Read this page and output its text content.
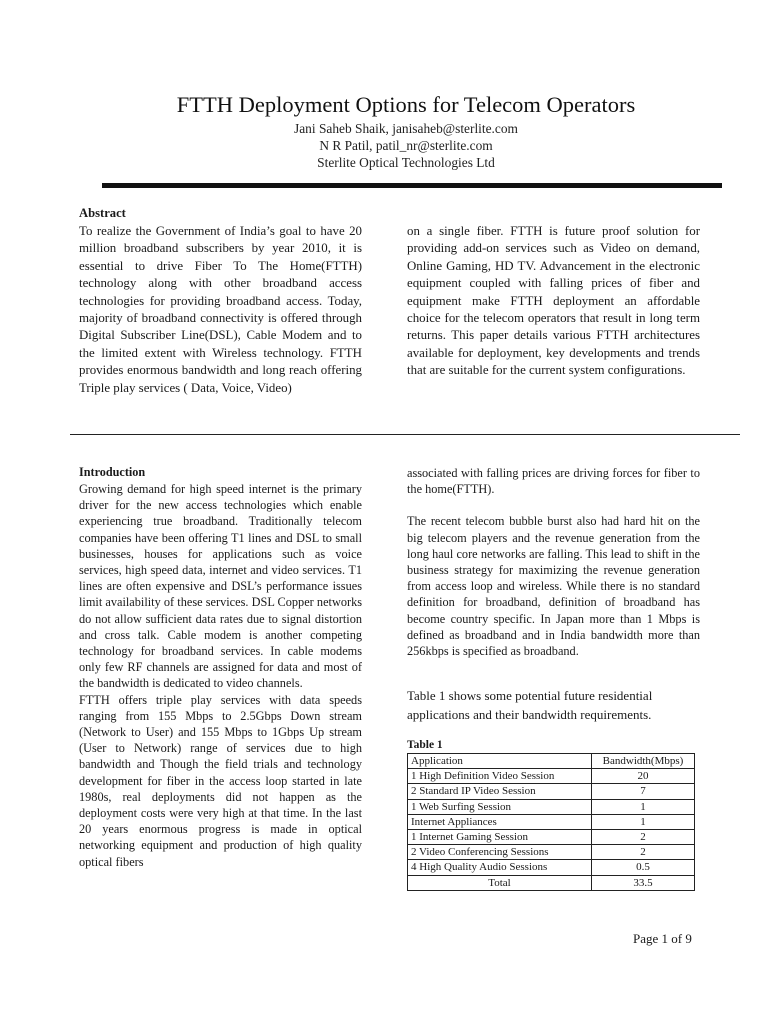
FTTH Deployment Options for Telecom Operators
Jani Saheb Shaik, janisaheb@sterlite.com
N R Patil, patil_nr@sterlite.com
Sterlite Optical Technologies Ltd
Abstract

To realize the Government of India’s goal to have 20 million broadband subscribers by year 2010, it is essential to drive Fiber To The Home(FTTH) technology along with other broadband access technologies for providing broadband access. Today, majority of broadband connectivity is offered through Digital Subscriber Line(DSL), Cable Modem and to the limited extent with Wireless technology. FTTH provides enormous bandwidth and long reach offering Triple play services ( Data, Voice, Video)

on a single fiber. FTTH is future proof solution for providing add-on services such as Video on demand, Online Gaming, HD TV. Advancement in the electronic equipment coupled with falling prices of fiber and equipment make FTTH deployment an affordable choice for the telecom operators that result in long term returns. This paper details various FTTH architectures available for deployment, key developments and trends that are suitable for the current system configurations.

Introduction

Growing demand for high speed internet is the primary driver for the new access technologies which enable experiencing true broadband. Traditionally telecom companies have been offering T1 lines and DSL to small businesses, houses for applications such as voice services, high speed data, internet and video services. T1 lines are often expensive and DSL’s performance issues limit availability of these services. DSL Copper networks do not allow sufficient data rates due to signal distortion and cross talk. Cable modem is another competing technology for broadband services. In cable modems only few RF channels are assigned for data and most of the bandwidth is dedicated to video channels.

FTTH offers triple play services with data speeds ranging from 155 Mbps to 2.5Gbps Down stream (Network to User) and 155 Mbps to 1Gbps Up stream (User to Network) range of services due to high bandwidth and Though the field trials and technology development for fiber in the access loop started in late 1980s, real deployments did not happen as the deployment costs were very high at that time. In the last 20 years enormous progress is made in optical networking equipment and production of high quality optical fibers

associated with falling prices are driving forces for fiber to the home(FTTH).

The recent telecom bubble burst also had hard hit on the big telecom players and the revenue generation from the long haul core networks are falling. This lead to shift in the business strategy for maximizing the revenue generation from access loop and wireless. While there is no standard definition for broadband, definition of broadband has become country specific. In Japan more than 1 Mbps is defined as broadband and in India bandwidth more than 256kbps is specified as broadband.

Table 1 shows some potential future residential applications and their bandwidth requirements.
Table 1
Application	Bandwidth(Mbps)
1 High Definition Video Session	20
2 Standard IP Video Session	7
1 Web Surfing Session	1
Internet Appliances	1
1 Internet Gaming Session	2
2 Video Conferencing Sessions	2
4 High Quality Audio Sessions	0.5
Total	33.5
Page 1 of 9
